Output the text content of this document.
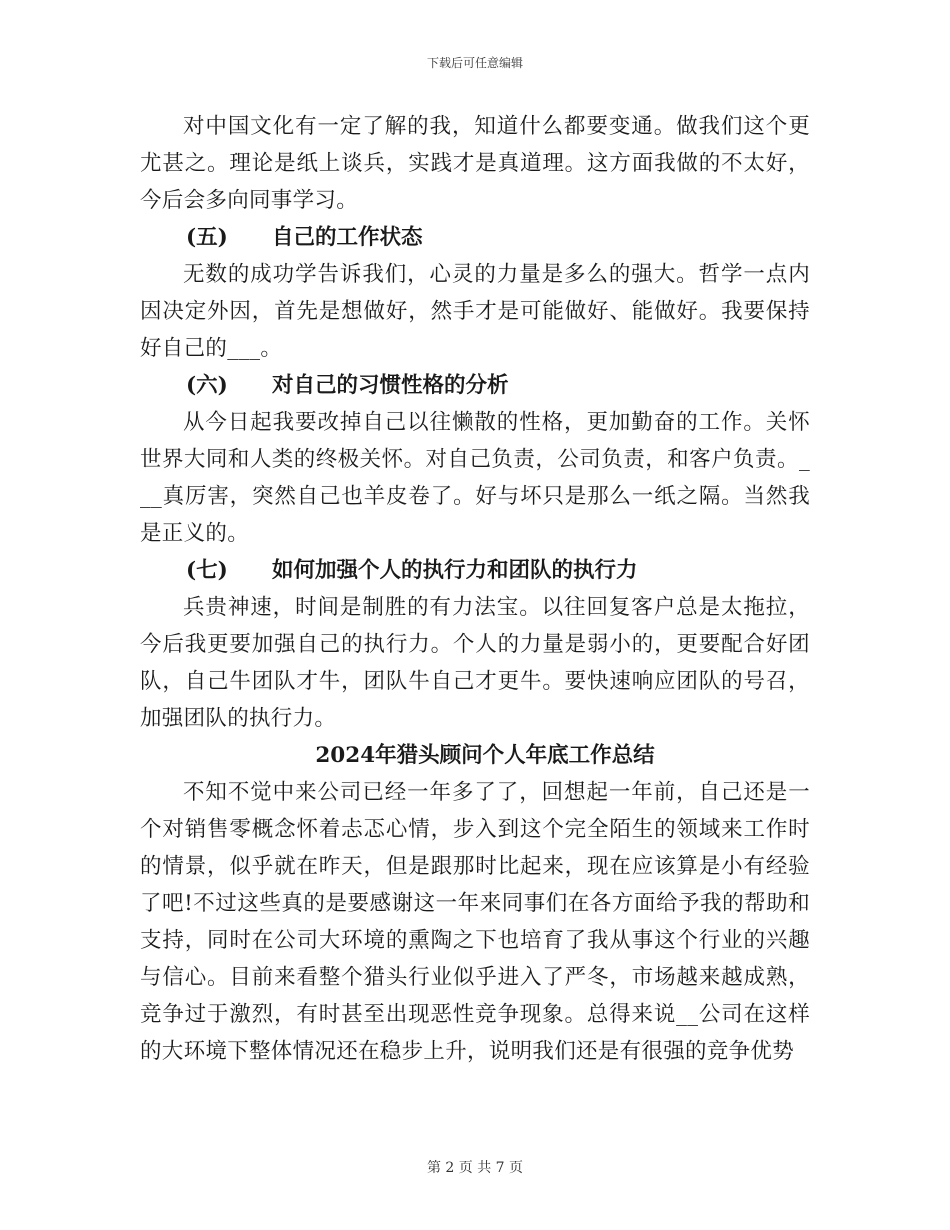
下载后可任意编辑

对中国文化有一定了解的我，知道什么都要变通。做我们这个更尤甚之。理论是纸上谈兵，实践才是真道理。这方面我做的不太好，今后会多向同事学习。

(五)	自己的工作状态

无数的成功学告诉我们，心灵的力量是多么的强大。哲学一点内因决定外因，首先是想做好，然手才是可能做好、能做好。我要保持好自己的___。

(六)	对自己的习惯性格的分析

从今日起我要改掉自己以往懒散的性格，更加勤奋的工作。关怀世界大同和人类的终极关怀。对自己负责，公司负责，和客户负责。___真厉害，突然自己也羊皮卷了。好与坏只是那么一纸之隔。当然我是正义的。

(七)	如何加强个人的执行力和团队的执行力

兵贵神速，时间是制胜的有力法宝。以往回复客户总是太拖拉，今后我更要加强自己的执行力。个人的力量是弱小的，更要配合好团队，自己牛团队才牛，团队牛自己才更牛。要快速响应团队的号召，加强团队的执行力。

2024年猎头顾问个人年底工作总结

不知不觉中来公司已经一年多了了，回想起一年前，自己还是一个对销售零概念怀着忐忑心情，步入到这个完全陌生的领域来工作时的情景，似乎就在昨天，但是跟那时比起来，现在应该算是小有经验了吧!不过这些真的是要感谢这一年来同事们在各方面给予我的帮助和支持，同时在公司大环境的熏陶之下也培育了我从事这个行业的兴趣与信心。目前来看整个猎头行业似乎进入了严冬，市场越来越成熟，竞争过于激烈，有时甚至出现恶性竞争现象。总得来说__公司在这样的大环境下整体情况还在稳步上升，说明我们还是有很强的竞争优势

第 2 页 共 7 页
